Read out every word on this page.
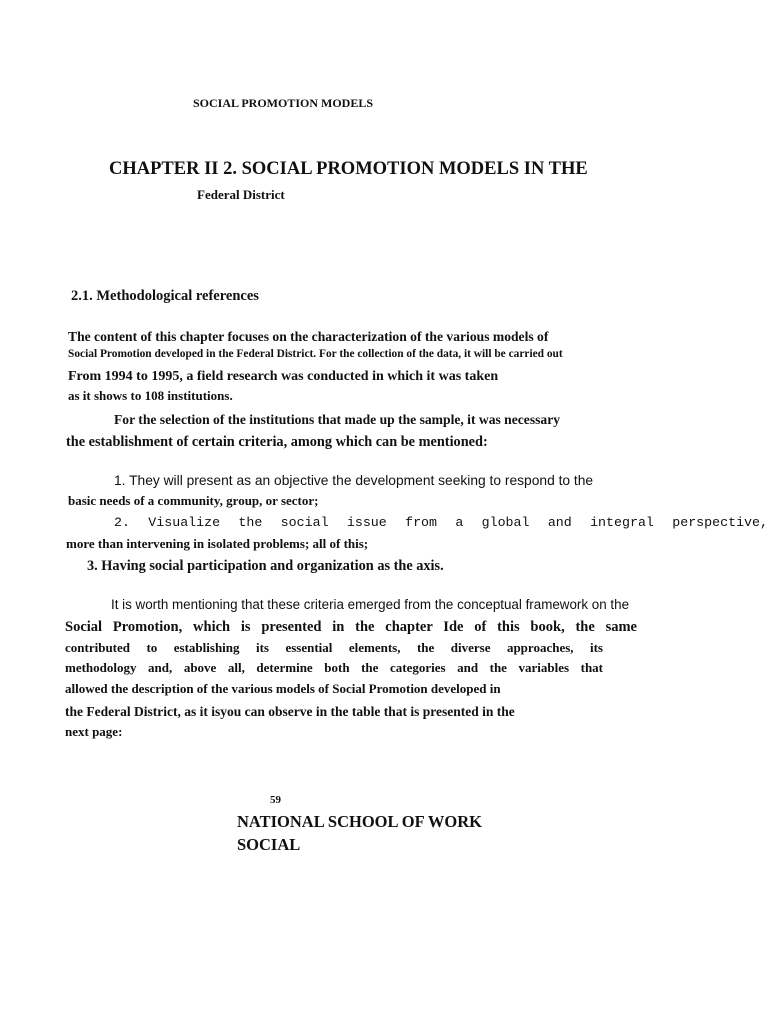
SOCIAL PROMOTION MODELS
CHAPTER II 2. SOCIAL PROMOTION MODELS IN THE
Federal District
2.1. Methodological references
The content of this chapter focuses on the characterization of the various models of
Social Promotion developed in the Federal District. For the collection of the data, it will be carried out
From 1994 to 1995, a field research was conducted in which it was taken
as it shows to 108 institutions.
For the selection of the institutions that made up the sample, it was necessary
the establishment of certain criteria, among which can be mentioned:
1. They will present as an objective the development seeking to respond to the
basic needs of a community, group, or sector;
2. Visualize the social issue from a global and integral perspective,
more than intervening in isolated problems; all of this;
3. Having social participation and organization as the axis.
It is worth mentioning that these criteria emerged from the conceptual framework on the
Social Promotion, which is presented in the chapter Ide of this book, the same
contributed to establishing its essential elements, the diverse approaches, its
methodology and, above all, determine both the categories and the variables that
allowed the description of the various models of Social Promotion developed in
the Federal District, as it isyou can observe in the table that is presented in the
next page:
59
NATIONAL SCHOOL OF WORK
SOCIAL
